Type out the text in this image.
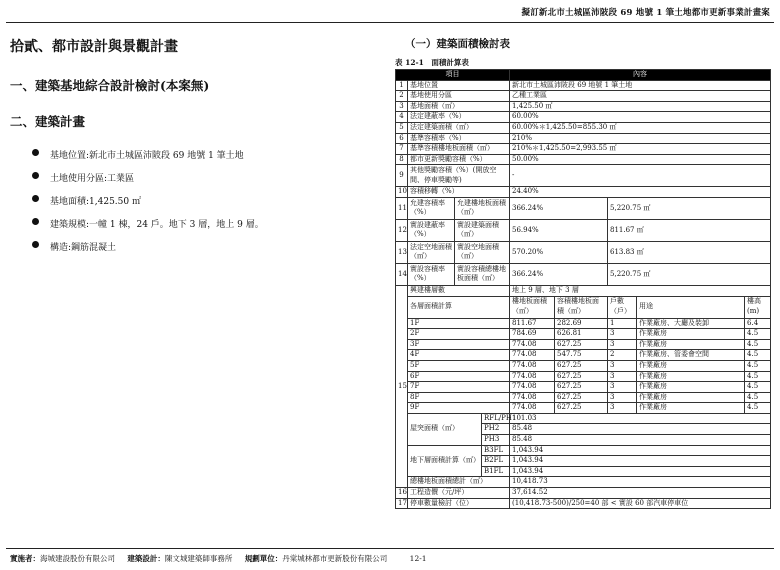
擬訂新北市土城區沛陂段 69 地號 1 筆土地都市更新事業計畫案
拾貳、都市設計與景觀計畫
一、建築基地綜合設計檢討(本案無)
二、建築計畫
基地位置:新北市土城區沛陂段 69 地號 1 筆土地
土地使用分區:工業區
基地面積:1,425.50 ㎡
建築規模:一幢 1 棟，24 戶。地下 3 層，地上 9 層。
構造:鋼筋混凝土
（一）建築面積檢討表
表 12-1　面積計算表
項目				內容				
1	基地位置			新北市土城區沛陂段 69 地號 1 筆土地				
2	基地使用分區			乙種工業區				
3	基地面積（㎡）			1,425.50 ㎡				
4	法定建蔽率（%）			60.00%				
5	法定建築面積（㎡）			60.00%＊1,425.50=855.30 ㎡				
6	基準容積率（%）			210%				
7	基準容積樓地板面積（㎡）			210%＊1,425.50=2,993.55 ㎡				
8	都市更新獎勵容積（%）			50.00%				
9	其他獎勵容積（%）(開放空間、停車獎勵等)			-				
10	容積移轉（%）			24.40%				
11	允建容積率（%）	允建樓地板面積（㎡）		366.24%		5,220.75 ㎡		
12	實設建蔽率（%）	實設建築面積（㎡）		56.94%		811.67 ㎡		
13	法定空地面積（㎡）	實設空地面積（㎡）		570.20%		613.83 ㎡		
14	實設容積率（%）	實設容積總樓地板面積（㎡）		366.24%		5,220.75 ㎡		
15	興建樓層數			地上 9 層、地下 3 層				
	各層面積計算			樓地板面積（㎡）	容積樓地板面積（㎡）	戶數（戶）	用途	樓高(m)
	1F			811.67	282.69	1	作業廠房、大廳及裝卸	6.4
	2F			784.69	626.81	3	作業廠房	4.5
	3F			774.08	627.25	3	作業廠房	4.5
	4F			774.08	547.75	2	作業廠房、管委會空間	4.5
	5F			774.08	627.25	3	作業廠房	4.5
	6F			774.08	627.25	3	作業廠房	4.5
	7F			774.08	627.25	3	作業廠房	4.5
	8F			774.08	627.25	3	作業廠房	4.5
	9F			774.08	627.25	3	作業廠房	4.5
	屋突面積（㎡）		RFL/PH1	101.03				
			PH2	85.48				
			PH3	85.48				
	地下層面積計算（㎡）		B3FL	1,043.94				
			B2FL	1,043.94				
			B1FL	1,043.94				
	總樓地板面積總計（㎡）			10,418.73				
16	工程造價（元/坪）			37,614.52				
17	停車數量檢討（位）			(10,418.73-500)/250=40 部 < 實設 60 部汽車停車位				
實施者：海城建設股份有限公司 建築設計：陳文城建築師事務所 規劃單位：丹棠城林都市更新股份有限公司	12-1
